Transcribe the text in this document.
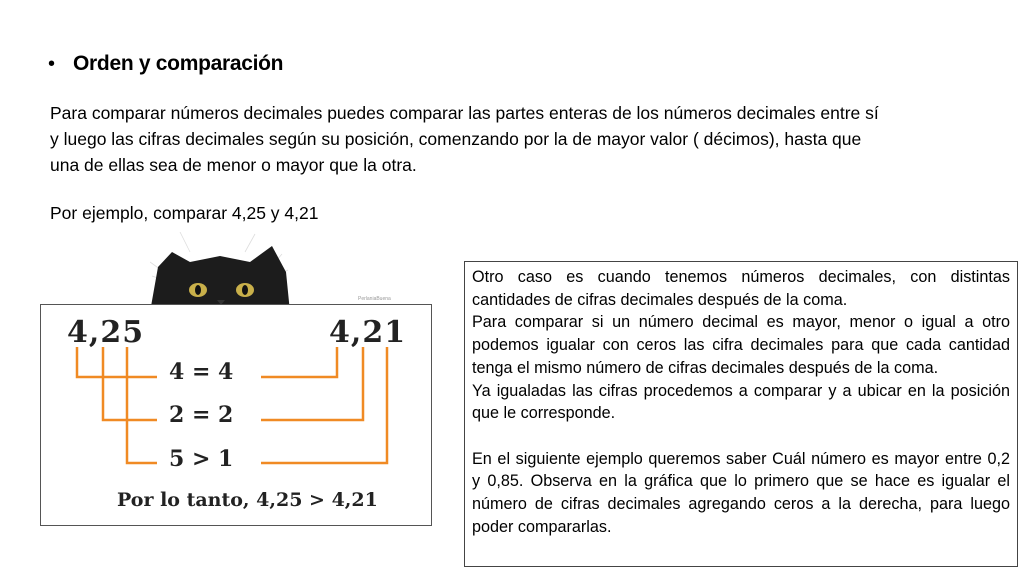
• Orden y comparación

Para comparar números decimales puedes comparar las partes enteras de los números decimales entre sí

y luego las cifras decimales según su posición, comenzando por la de mayor valor ( décimos), hasta que

una de ellas sea de menor o mayor que la otra.

Por ejemplo, comparar 4,25 y 4,21
PerlaniaBuena
4,25	4,21
4 = 4
2 = 2
5 > 1
Por lo tanto, 4,25 > 4,21

Otro caso es cuando tenemos números decimales, con distintas cantidades de cifras decimales después de la coma.

Para comparar si un número decimal es mayor, menor o igual a otro podemos igualar con ceros las cifra decimales para que cada cantidad tenga el mismo número de cifras decimales después de la coma.

Ya igualadas las cifras procedemos a comparar y a ubicar en la posición que le corresponde.

En el siguiente ejemplo queremos saber Cuál número es mayor entre 0,2 y 0,85. Observa en la gráfica que lo primero que se hace es igualar el número de cifras decimales agregando ceros a la derecha, para luego poder compararlas.
